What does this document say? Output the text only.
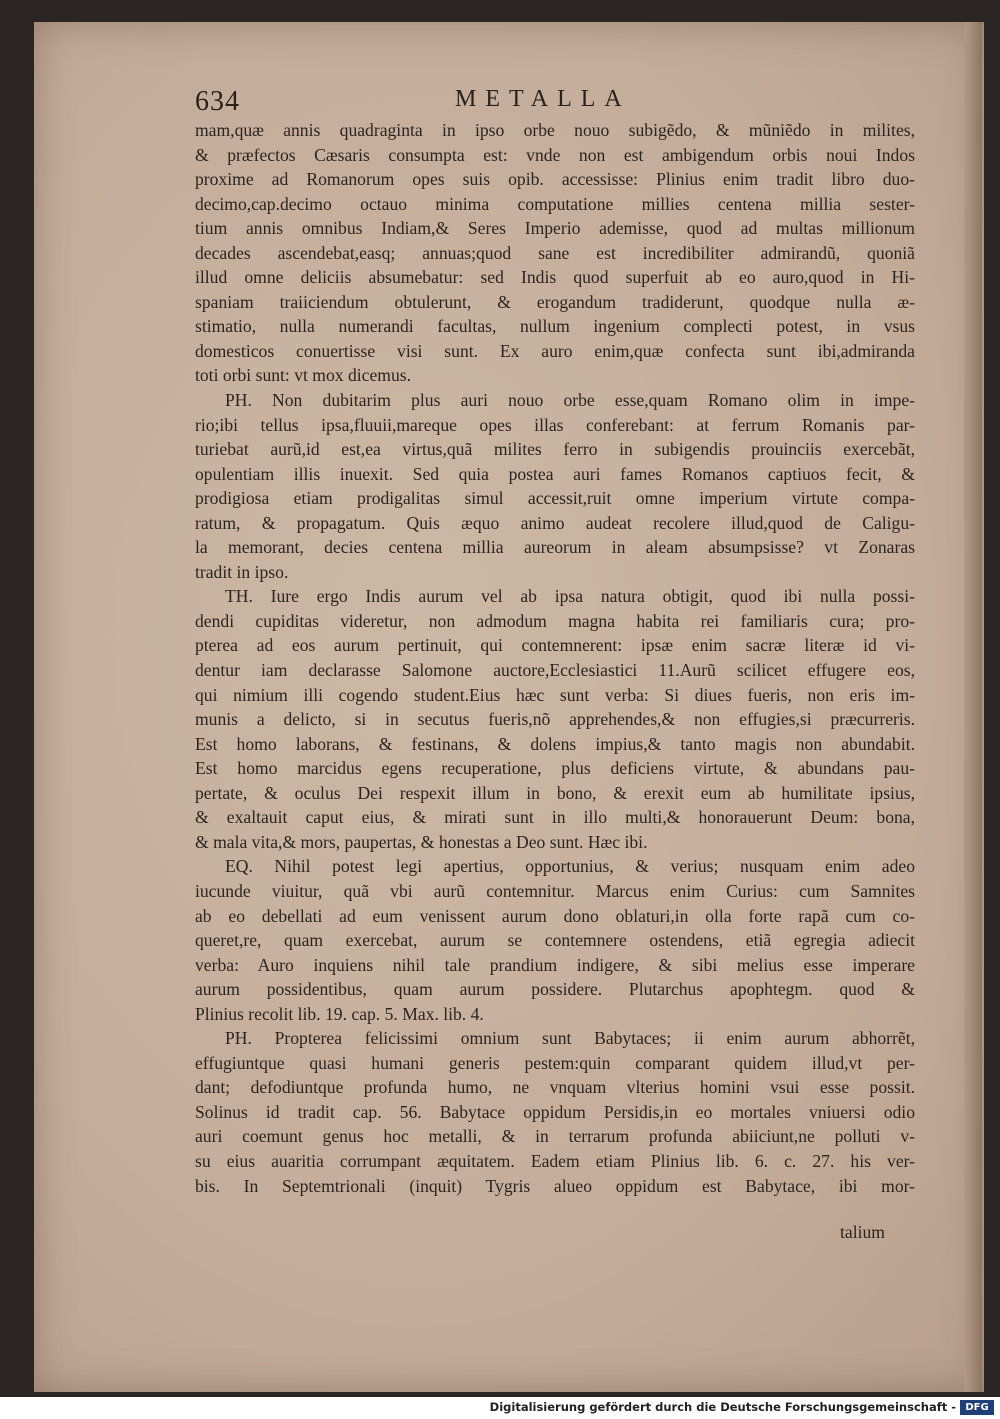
634	METALLA
mam,quæ annis quadraginta in ipso orbe nouo subigẽdo, & mũniẽdo in milites,
& præfectos Cæsaris consumpta est: vnde non est ambigendum orbis noui Indos
proxime ad Romanorum opes suis opib. accessisse: Plinius enim tradit libro duo-
decimo,cap.decimo octauo minima computatione millies centena millia sester-
tium annis omnibus Indiam,& Seres Imperio ademisse, quod ad multas millionum
decades ascendebat,easq; annuas;quod sane est incredibiliter admirandũ, quoniã
illud omne deliciis absumebatur: sed Indis quod superfuit ab eo auro,quod in Hi-
spaniam traiiciendum obtulerunt, & erogandum tradiderunt, quodque nulla æ-
stimatio, nulla numerandi facultas, nullum ingenium complecti potest, in vsus
domesticos conuertisse visi sunt. Ex auro enim,quæ confecta sunt ibi,admiranda
toti orbi sunt: vt mox dicemus.
PH. Non dubitarim plus auri nouo orbe esse,quam Romano olim in impe-
rio;ibi tellus ipsa,fluuii,mareque opes illas conferebant: at ferrum Romanis par-
turiebat aurũ,id est,ea virtus,quã milites ferro in subigendis prouinciis exercebãt,
opulentiam illis inuexit. Sed quia postea auri fames Romanos captiuos fecit, &
prodigiosa etiam prodigalitas simul accessit,ruit omne imperium virtute compa-
ratum, & propagatum. Quis æquo animo audeat recolere illud,quod de Caligu-
la memorant, decies centena millia aureorum in aleam absumpsisse? vt Zonaras
tradit in ipso.
TH. Iure ergo Indis aurum vel ab ipsa natura obtigit, quod ibi nulla possi-
dendi cupiditas videretur, non admodum magna habita rei familiaris cura; pro-
pterea ad eos aurum pertinuit, qui contemnerent: ipsæ enim sacræ literæ id vi-
dentur iam declarasse Salomone auctore,Ecclesiastici 11.Aurũ scilicet effugere eos,
qui nimium illi cogendo student.Eius hæc sunt verba: Si diues fueris, non eris im-
munis a delicto, si in secutus fueris,nõ apprehendes,& non effugies,si præcurreris.
Est homo laborans, & festinans, & dolens impius,& tanto magis non abundabit.
Est homo marcidus egens recuperatione, plus deficiens virtute, & abundans pau-
pertate, & oculus Dei respexit illum in bono, & erexit eum ab humilitate ipsius,
& exaltauit caput eius, & mirati sunt in illo multi,& honorauerunt Deum: bona,
& mala vita,& mors, paupertas, & honestas a Deo sunt. Hæc ibi.
EQ. Nihil potest legi apertius, opportunius, & verius; nusquam enim adeo
iucunde viuitur, quã vbi aurũ contemnitur. Marcus enim Curius: cum Samnites
ab eo debellati ad eum venissent aurum dono oblaturi,in olla forte rapã cum co-
queret,re, quam exercebat, aurum se contemnere ostendens, etiã egregia adiecit
verba: Auro inquiens nihil tale prandium indigere, & sibi melius esse imperare
aurum possidentibus, quam aurum possidere. Plutarchus apophtegm. quod &
Plinius recolit lib. 19. cap. 5. Max. lib. 4.
PH. Propterea felicissimi omnium sunt Babytaces; ii enim aurum abhorrẽt,
effugiuntque quasi humani generis pestem:quin comparant quidem illud,vt per-
dant; defodiuntque profunda humo, ne vnquam vlterius homini vsui esse possit.
Solinus id tradit cap. 56. Babytace oppidum Persidis,in eo mortales vniuersi odio
auri coemunt genus hoc metalli, & in terrarum profunda abiiciunt,ne polluti v-
su eius auaritia corrumpant æquitatem. Eadem etiam Plinius lib. 6. c. 27. his ver-
bis. In Septemtrionali (inquit) Tygris alueo oppidum est Babytace, ibi mor-
talium
Digitalisierung gefördert durch die Deutsche Forschungsgemeinschaft - DFG
